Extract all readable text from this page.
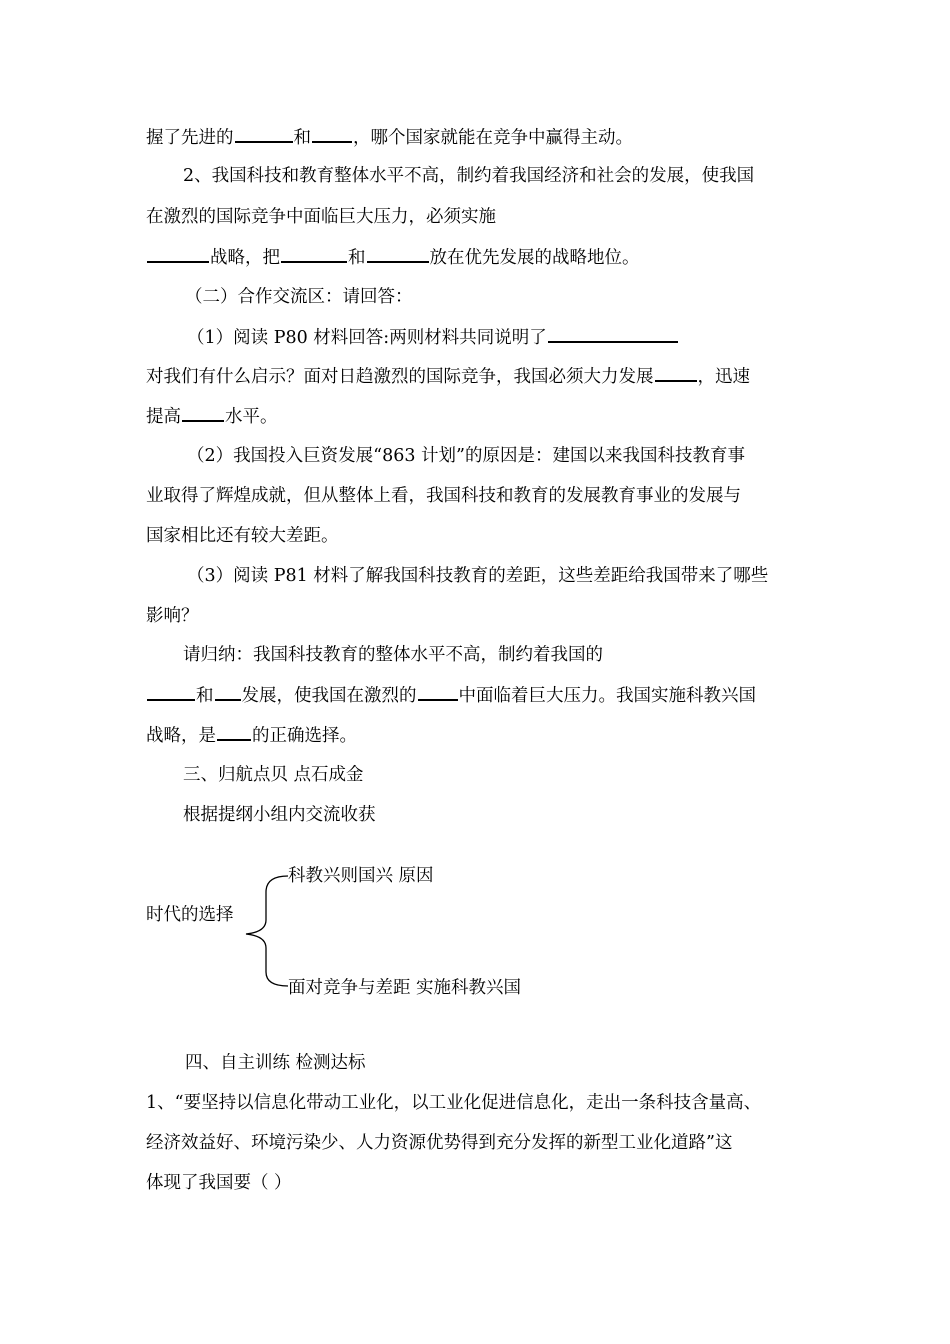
握了先进的	和 ，哪个国家就能在竞争中赢得主动。
2、我国科技和教育整体水平不高，制约着我国经济和社会的发展，使我国
在激烈的国际竞争中面临巨大压力，必须实施
战略，把	和	放在优先发展的战略地位。
（二）合作交流区：请回答：
（1）阅读 P80 材料回答:两则材料共同说明了
对我们有什么启示？面对日趋激烈的国际竞争，我国必须大力发展	，迅速
提高	水平。
（2）我国投入巨资发展“863 计划”的原因是：建国以来我国科技教育事
业取得了辉煌成就，但从整体上看，我国科技和教育的发展教育事业的发展与
国家相比还有较大差距。
（3）阅读 P81 材料了解我国科技教育的差距，这些差距给我国带来了哪些
影响？
请归纳：我国科技教育的整体水平不高，制约着我国的
和 发展，使我国在激烈的 中面临着巨大压力。我国实施科教兴国
战略，是 的正确选择。
三、归航点贝 点石成金
根据提纲小组内交流收获
时代的选择
科教兴则国兴 原因
面对竞争与差距 实施科教兴国
四、自主训练 检测达标
1、“要坚持以信息化带动工业化，以工业化促进信息化，走出一条科技含量高、
经济效益好、环境污染少、人力资源优势得到充分发挥的新型工业化道路”这
体现了我国要（ ）
